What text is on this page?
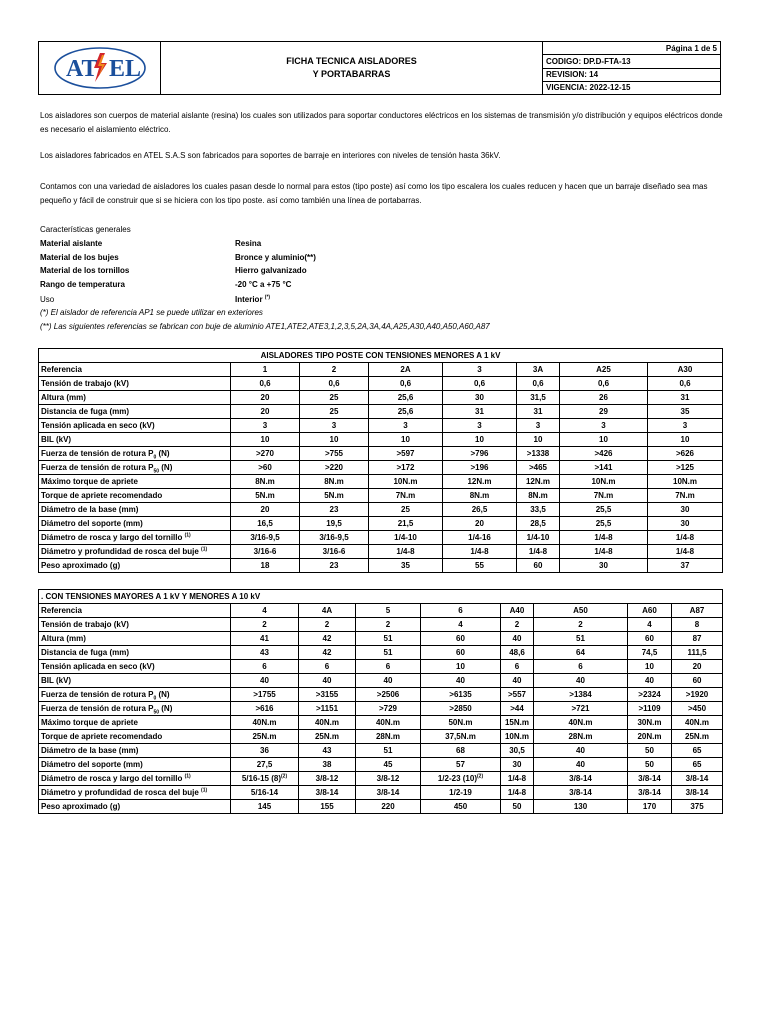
AT EL	FICHA TECNICA AISLADORES
Y PORTABARRAS
Página 1 de 5
CODIGO: DP.D-FTA-13
REVISION: 14
VIGENCIA: 2022-12-15
Los aisladores son cuerpos de material aislante (resina) los cuales son utilizados para soportar conductores eléctricos en los sistemas de transmisión y/o distribución y equipos eléctricos donde es necesario el aislamiento eléctrico.
Los aisladores fabricados en ATEL S.A.S son fabricados para soportes de barraje en interiores con niveles de tensión hasta 36kV.
Contamos con una variedad de aisladores los cuales pasan desde lo normal para estos (tipo poste) así como los tipo escalera los cuales reducen y hacen que un barraje diseñado sea mas pequeño y fácil de construir que si se hiciera con los tipo poste. así como también una línea de portabarras.
Características generales
Material aislante	Resina
Material de los bujes	Bronce y aluminio(**)
Material de los tornillos	Hierro galvanizado
Rango de temperatura	-20 °C a +75 °C
Uso	Interior (*)
(*) El aislador de referencia AP1 se puede utilizar en exteriores
(**) Las siguientes referencias se fabrican con buje de aluminio ATE1,ATE2,ATE3,1,2,3,5,2A,3A,4A,A25,A30,A40,A50,A60,A87
AISLADORES TIPO POSTE CON TENSIONES MENORES A 1 kV							
Referencia	1	2	2A	3	3A	A25	A30
Tensión de trabajo (kV)	0,6	0,6	0,6	0,6	0,6	0,6	0,6
Altura (mm)	20	25	25,6	30	31,5	26	31
Distancia de fuga (mm)	20	25	25,6	31	31	29	35
Tensión aplicada en seco (kV)	3	3	3	3	3	3	3
BIL (kV)	10	10	10	10	10	10	10
Fuerza de tensión de rotura $P_0$ (N)	>270	>755	>597	>796	>1338	>426	>626
Fuerza de tensión de rotura $P_{50}$ (N)	>60	>220	>172	>196	>465	>141	>125
Máximo torque de apriete	8N.m	8N.m	10N.m	12N.m	12N.m	10N.m	10N.m
Torque de apriete recomendado	5N.m	5N.m	7N.m	8N.m	8N.m	7N.m	7N.m
Diámetro de la base (mm)	20	23	25	26,5	33,5	25,5	30
Diámetro del soporte (mm)	16,5	19,5	21,5	20	28,5	25,5	30
Diámetro de rosca y largo del tornillo $^{(1)}$	3/16-9,5	3/16-9,5	1/4-10	1/4-16	1/4-10	1/4-8	1/4-8
Diámetro y profundidad de rosca del buje $^{(1)}$	3/16-6	3/16-6	1/4-8	1/4-8	1/4-8	1/4-8	1/4-8
Peso aproximado (g)	18	23	35	55	60	30	37
. CON TENSIONES MAYORES A 1 kV Y MENORES A 10 kV								
Referencia	4	4A	5	6	A40	A50	A60	A87
Tensión de trabajo (kV)	2	2	2	4	2	2	4	8
Altura (mm)	41	42	51	60	40	51	60	87
Distancia de fuga (mm)	43	42	51	60	48,6	64	74,5	111,5
Tensión aplicada en seco (kV)	6	6	6	10	6	6	10	20
BIL (kV)	40	40	40	40	40	40	40	60
Fuerza de tensión de rotura $P_0$ (N)	>1755	>3155	>2506	>6135	>557	>1384	>2324	>1920
Fuerza de tensión de rotura $P_{50}$ (N)	>616	>1151	>729	>2850	>44	>721	>1109	>450
Máximo torque de apriete	40N.m	40N.m	40N.m	50N.m	15N.m	40N.m	30N.m	40N.m
Torque de apriete recomendado	25N.m	25N.m	28N.m	37,5N.m	10N.m	28N.m	20N.m	25N.m
Diámetro de la base (mm)	36	43	51	68	30,5	40	50	65
Diámetro del soporte (mm)	27,5	38	45	57	30	40	50	65
Diámetro de rosca y largo del tornillo $^{(1)}$	5/16-15 $(8)^{(2)}$	3/8-12	3/8-12	1/2-23 $(10)^{(2)}$	1/4-8	3/8-14	3/8-14	3/8-14
Diámetro y profundidad de rosca del buje $^{(1)}$	5/16-14	3/8-14	3/8-14	1/2-19	1/4-8	3/8-14	3/8-14	3/8-14
Peso aproximado (g)	145	155	220	450	50	130	170	375
